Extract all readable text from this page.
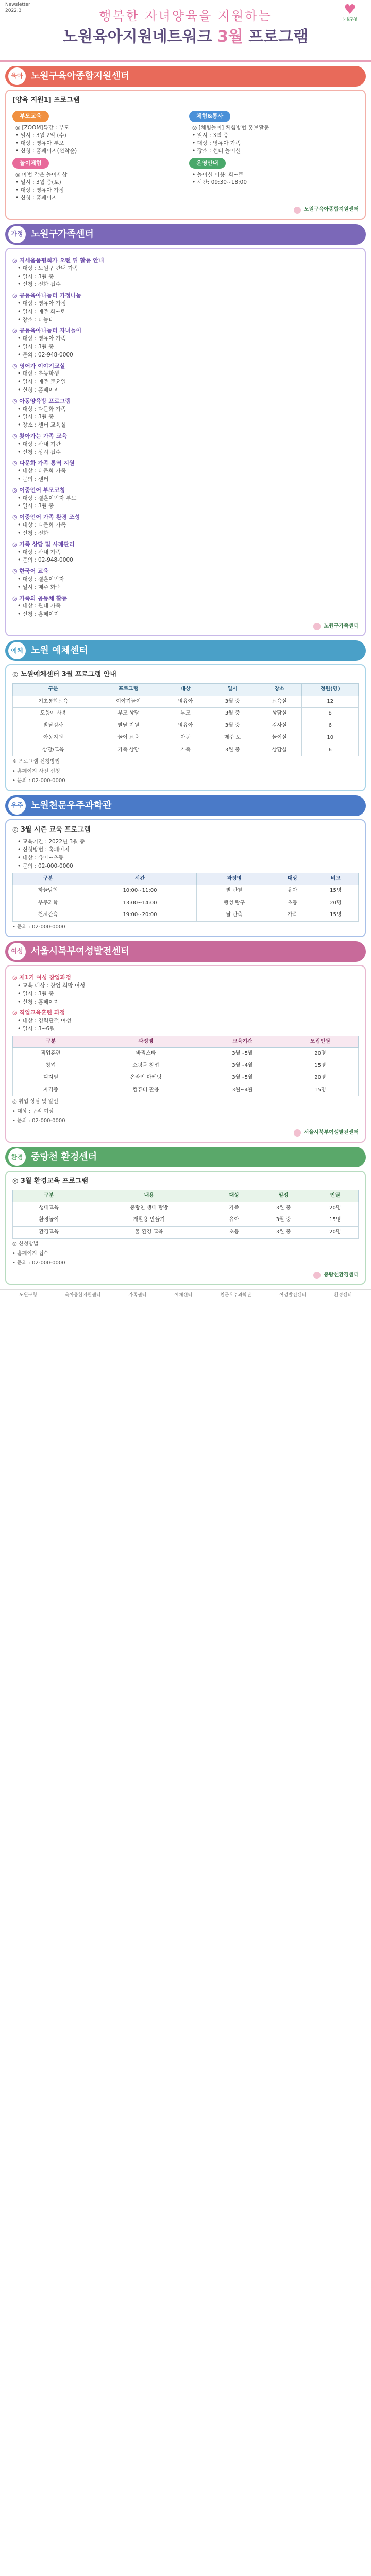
Newsletter
2022.3	행복한 자녀양육을 지원하는
노원육아지원네트워크 3월 프로그램
♥
노원구청
육아 노원구육아종합지원센터
[양육 지원1] 프로그램
부모교육
◎ [ZOOM]특강 : 부모
• 일시 : 3월 2일 (수)
• 대상 : 영유아 부모
• 신청 : 홈페이지(선착순)
놀이체험
◎ 마법 같은 놀이세상
• 일시 : 3월 중(토)
• 대상 : 영유아 가정
• 신청 : 홈페이지
체험&통사
◎ [체험놀이] 체험방법 홍보활동
• 일시 : 3월 중
• 대상 : 영유아 가족
• 장소 : 센터 놀이실
운영안내
• 놀이실 이용: 화~토
• 시간: 09:30~18:00
노원구육아종합지원센터
가정 노원구가족센터
◎ 지세움품평회가 오랜 뒤 활동 안내
• 대상 : 노원구 관내 가족
• 일시 : 3월 중
• 신청 : 전화 접수
◎ 공동육아나눔터 가정나눔
• 대상 : 영유아 가정
• 일시 : 매주 화~토
• 장소 : 나눔터
◎ 공동육아나눔터 자녀놀이
• 대상 : 영유아 가족
• 일시 : 3월 중
• 문의 : 02-948-0000
◎ 영어가 이야기교실
• 대상 : 초등학생
• 일시 : 매주 토요일
• 신청 : 홈페이지
◎ 아동양육방 프로그램
• 대상 : 다문화 가족
• 일시 : 3월 중
• 장소 : 센터 교육실
◎ 찾아가는 가족 교육
• 대상 : 관내 기관
• 신청 : 상시 접수
◎ 다문화 가족 통역 지원
• 대상 : 다문화 가족
• 문의 : 센터
◎ 이중언어 부모코칭
• 대상 : 결혼이민자 부모
• 일시 : 3월 중
◎ 이중언어 가족 환경 조성
• 대상 : 다문화 가족
• 신청 : 전화
◎ 가족 상담 및 사례관리
• 대상 : 관내 가족
• 문의 : 02-948-0000
◎ 한국어 교육
• 대상 : 결혼이민자
• 일시 : 매주 화·목
◎ 가족의 공동체 활동
• 대상 : 관내 가족
• 신청 : 홈페이지
노원구가족센터
예체 노원 예체센터
◎ 노원예체센터 3월 프로그램 안내
구분	프로그램	대상	일시	장소	정원(명)
기초통합교육	이야기놀이	영유아	3월 중	교육실	12
도움이 사용	부모 상담	부모	3월 중	상담실	8
발달검사	발달 지원	영유아	3월 중	검사실	6
아동지원	놀이 교육	아동	매주 토	놀이실	10
상담/교육	가족 상담	가족	3월 중	상담실	6
※ 프로그램 신청방법
• 홈페이지 사전 신청
• 문의 : 02-000-0000
우주 노원천문우주과학관
◎ 3월 시즌 교육 프로그램
• 교육기간 : 2022년 3월 중
• 신청방법 : 홈페이지
• 대상 : 유아~초등
• 문의 : 02-000-0000
구분	시간	과정명	대상	비고
하늘탐험	10:00~11:00	별 관찰	유아	15명
우주과학	13:00~14:00	행성 탐구	초등	20명
천체관측	19:00~20:00	달 관측	가족	15명
• 문의 : 02-000-0000
여성 서울시북부여성발전센터
◎ 제1기 여성 창업과정
• 교육 대상 : 창업 희망 여성
• 일시 : 3월 중
• 신청 : 홈페이지
◎ 직업교육훈련 과정
• 대상 : 경력단절 여성
• 일시 : 3~6월
구분	과정명	교육기간	모집인원
직업훈련	바리스타	3월~5월	20명
창업	쇼핑몰 창업	3월~4월	15명
디지털	온라인 마케팅	3월~5월	20명
자격증	컴퓨터 활용	3월~4월	15명
◎ 취업 상담 및 알선
• 대상 : 구직 여성
• 문의 : 02-000-0000
서울시북부여성발전센터
환경 중랑천 환경센터
◎ 3월 환경교육 프로그램
구분	내용	대상	일정	인원
생태교육	중랑천 생태 탐방	가족	3월 중	20명
환경놀이	재활용 만들기	유아	3월 중	15명
환경교육	물 환경 교육	초등	3월 중	20명
◎ 신청방법
• 홈페이지 접수
• 문의 : 02-000-0000
중랑천환경센터
노원구청	육아종합지원센터	가족센터	예체센터	천문우주과학관	여성발전센터	환경센터
